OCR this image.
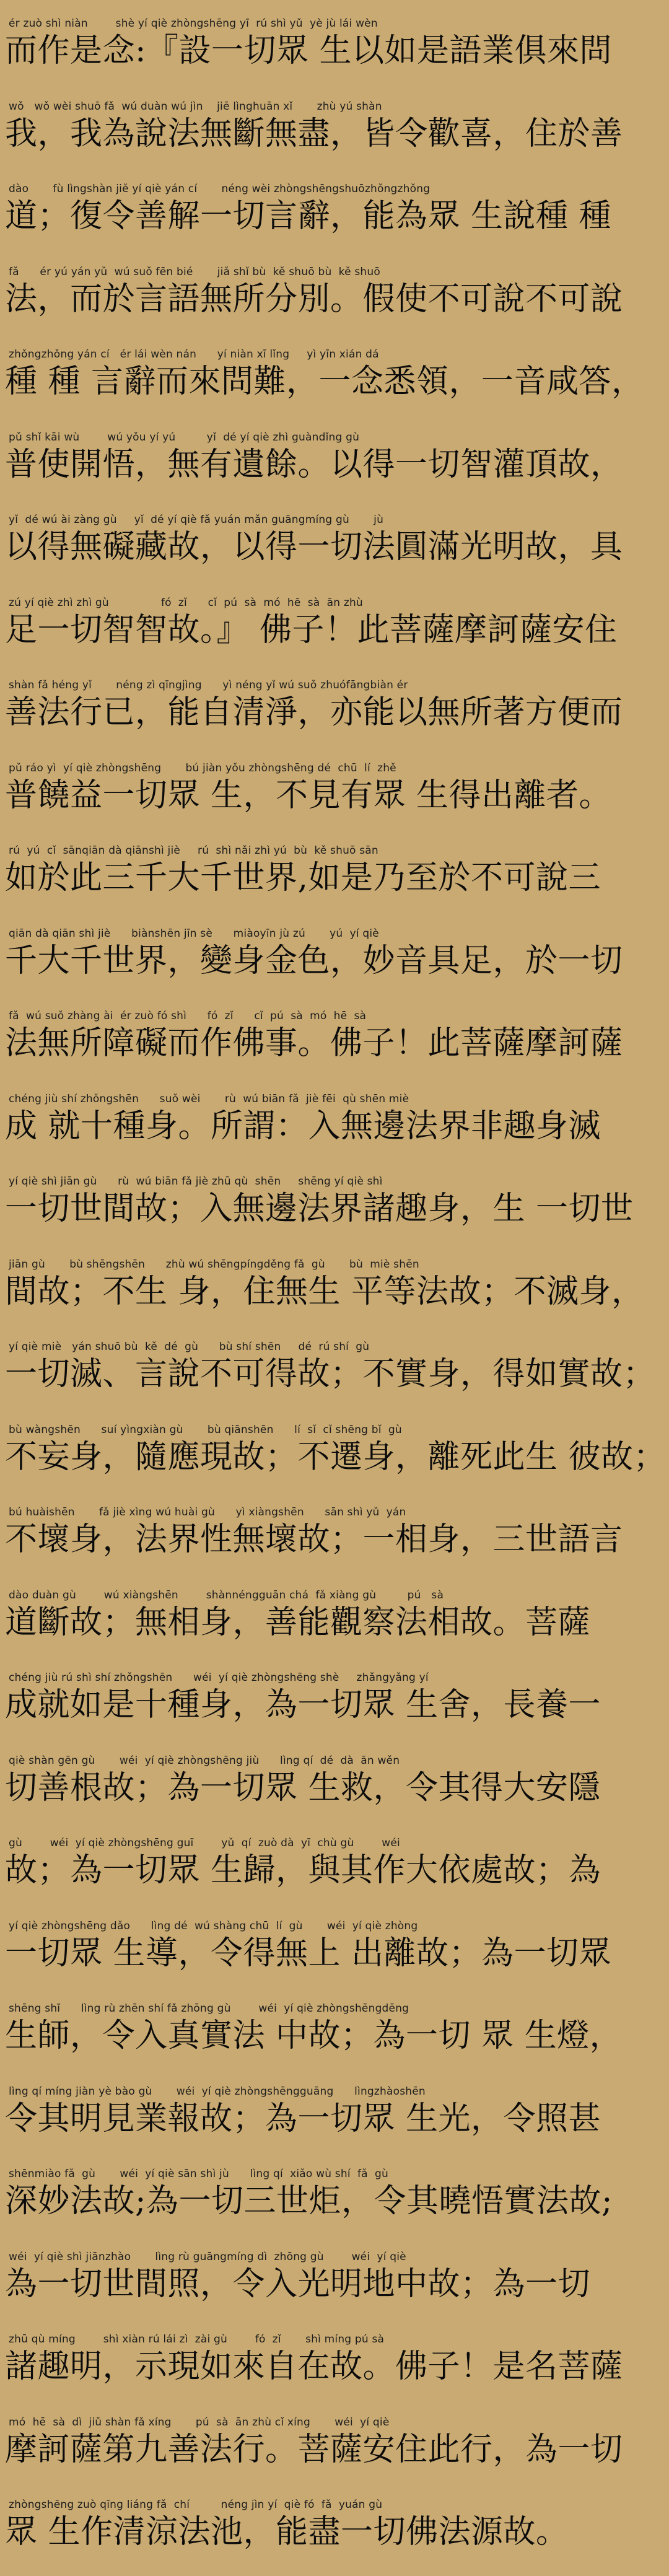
ér zuò shì niàn        shè yí qiè zhòngshēng yī  rú shì yǔ  yè jù lái wèn
而作是念:『設一切眾 生以如是語業俱來問
wǒ   wǒ wèi shuō fǎ  wú duàn wú jìn    jiē lìnghuān xǐ       zhù yú shàn
我，我為說法無斷無盡，皆令歡喜，住於善
dào       fù lìngshàn jiě yí qiè yán cí       néng wèi zhòngshēngshuōzhǒngzhǒng
道；復令善解一切言辭，能為眾 生說種 種
fǎ      ér yú yán yǔ  wú suǒ fēn bié       jiǎ shǐ bù  kě shuō bù  kě shuō
法，而於言語無所分別。假使不可說不可說
zhǒngzhǒng yán cí   ér lái wèn nán      yí niàn xī lǐng     yì yīn xián dá
種 種 言辭而來問難，一念悉領，一音咸答，
pǔ shǐ kāi wù        wú yǒu yí yú         yǐ  dé yí qiè zhì guàndǐng gù
普使開悟，無有遺餘。以得一切智灌頂故，
yǐ  dé wú ài zàng gù     yǐ  dé yí qiè fǎ yuán mǎn guāngmíng gù       jù
以得無礙藏故，以得一切法圓滿光明故，具
zú yí qiè zhì zhì gù               fó  zǐ      cǐ  pú  sà  mó  hē  sà  ān zhù
足一切智智故。』 佛子！此菩薩摩訶薩安住
shàn fǎ héng yǐ       néng zì qīngjìng      yì néng yǐ wú suǒ zhuófāngbiàn ér
善法行已，能自清淨，亦能以無所著方便而
pǔ ráo yì  yí qiè zhòngshēng       bú jiàn yǒu zhòngshēng dé  chū  lí  zhě
普饒益一切眾 生，不見有眾 生得出離者。
rú  yú  cǐ  sānqiān dà qiānshì jiè     rú  shì nǎi zhì yú  bù  kě shuō sān
如於此三千大千世界,如是乃至於不可說三
qiān dà qiān shì jiè      biànshēn jīn sè      miàoyīn jù zú       yú  yí qiè
千大千世界，變身金色，妙音具足，於一切
fǎ  wú suǒ zhàng ài  ér zuò fó shì      fó  zǐ      cǐ  pú  sà  mó  hē  sà
法無所障礙而作佛事。佛子！此菩薩摩訶薩
chéng jiù shí zhǒngshēn      suǒ wèi       rù  wú biān fǎ  jiè fēi  qù shēn miè
成 就十種身。所謂：入無邊法界非趣身滅
yí qiè shì jiān gù      rù  wú biān fǎ jiè zhū qù  shēn     shēng yí qiè shì
一切世間故；入無邊法界諸趣身，生 一切世
jiān gù       bù shēngshēn      zhù wú shēngpíngděng fǎ  gù       bù  miè shēn
間故；不生 身，住無生 平等法故；不滅身，
yí qiè miè   yán shuō bù  kě  dé  gù      bù shí shēn     dé  rú shí  gù
一切滅、言說不可得故；不實身，得如實故；
bù wàngshēn      suí yìngxiàn gù       bù qiānshēn      lí  sǐ  cǐ shēng bǐ  gù
不妄身，隨應現故；不遷身，離死此生 彼故；
bú huàishēn       fǎ jiè xìng wú huài gù      yì xiàngshēn      sān shì yǔ  yán
不壞身，法界性無壞故；一相身，三世語言
dào duàn gù        wú xiàngshēn        shànnéngguān chá  fǎ xiàng gù         pú   sà
道斷故；無相身，善能觀察法相故。菩薩
chéng jiù rú shì shí zhǒngshēn      wéi  yí qiè zhòngshēng shè     zhǎngyǎng yí
成就如是十種身，為一切眾 生舍，長養一
qiè shàn gēn gù       wéi  yí qiè zhòngshēng jiù      lìng qí  dé  dà  ān wěn
切善根故；為一切眾 生救，令其得大安隱
gù        wéi  yí qiè zhòngshēng guī        yǔ  qí  zuò dà  yī  chù gù        wéi
故；為一切眾 生歸，與其作大依處故；為
yí qiè zhòngshēng dǎo      lìng dé  wú shàng chū  lí  gù       wéi  yí qiè zhòng
一切眾 生導，令得無上 出離故；為一切眾
shēng shī      lìng rù zhēn shí fǎ zhōng gù        wéi  yí qiè zhòngshēngdēng
生師，令入真實法 中故；為一切 眾 生燈，
lìng qí míng jiàn yè bào gù       wéi  yí qiè zhòngshēngguāng      lìngzhàoshēn
令其明見業報故；為一切眾 生光，令照甚
shēnmiào fǎ  gù       wéi  yí qiè sān shì jù      lìng qí  xiǎo wù shí  fǎ  gù
深妙法故;為一切三世炬，令其曉悟實法故;
wéi  yí qiè shì jiānzhào       lìng rù guāngmíng dì  zhōng gù        wéi  yí qiè
為一切世間照，令入光明地中故；為一切
zhū qù míng        shì xiàn rú lái zì  zài gù        fó  zǐ       shì míng pú sà
諸趣明，示現如來自在故。佛子！是名菩薩
mó  hē  sà  dì  jiǔ shàn fǎ xíng       pú  sà  ān zhù cǐ xíng       wéi  yí qiè
摩訶薩第九善法行。菩薩安住此行，為一切
zhòngshēng zuò qīng liáng fǎ  chí         néng jìn yí  qiè fó  fǎ  yuán gù
眾 生作清涼法池，能盡一切佛法源故。
